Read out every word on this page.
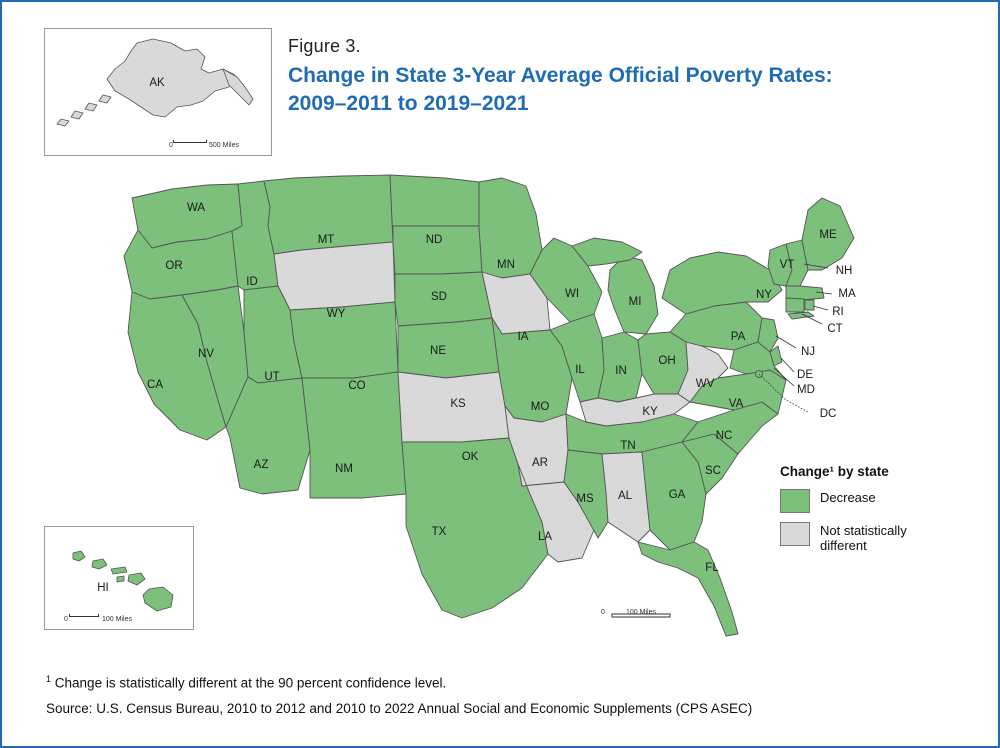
Figure 3.
Change in State 3-Year Average Official Poverty Rates:
2009–2011 to 2019–2021
WA
OR
ID
MT	ND
MN
WI
MI
ME
VT	NH
MA
RI
CT
NY
PA
NJ
DE
MD
DC
WV
VA
NC
SC
GA
FL
AL
MS
TN
KY
OH
IN
IL
MO
AR
LA
TX
OK
KS
NE
SD
IA
WY
CO
NM
AZ
UT
NV
CA
AK
0	500 Miles
HI
0	100 Miles
0	100 Miles
Change¹ by state
Decrease
Not statistically different
$^1$ Change is statistically different at the 90 percent confidence level.
Source: U.S. Census Bureau, 2010 to 2012 and 2010 to 2022 Annual Social and Economic Supplements (CPS ASEC)
